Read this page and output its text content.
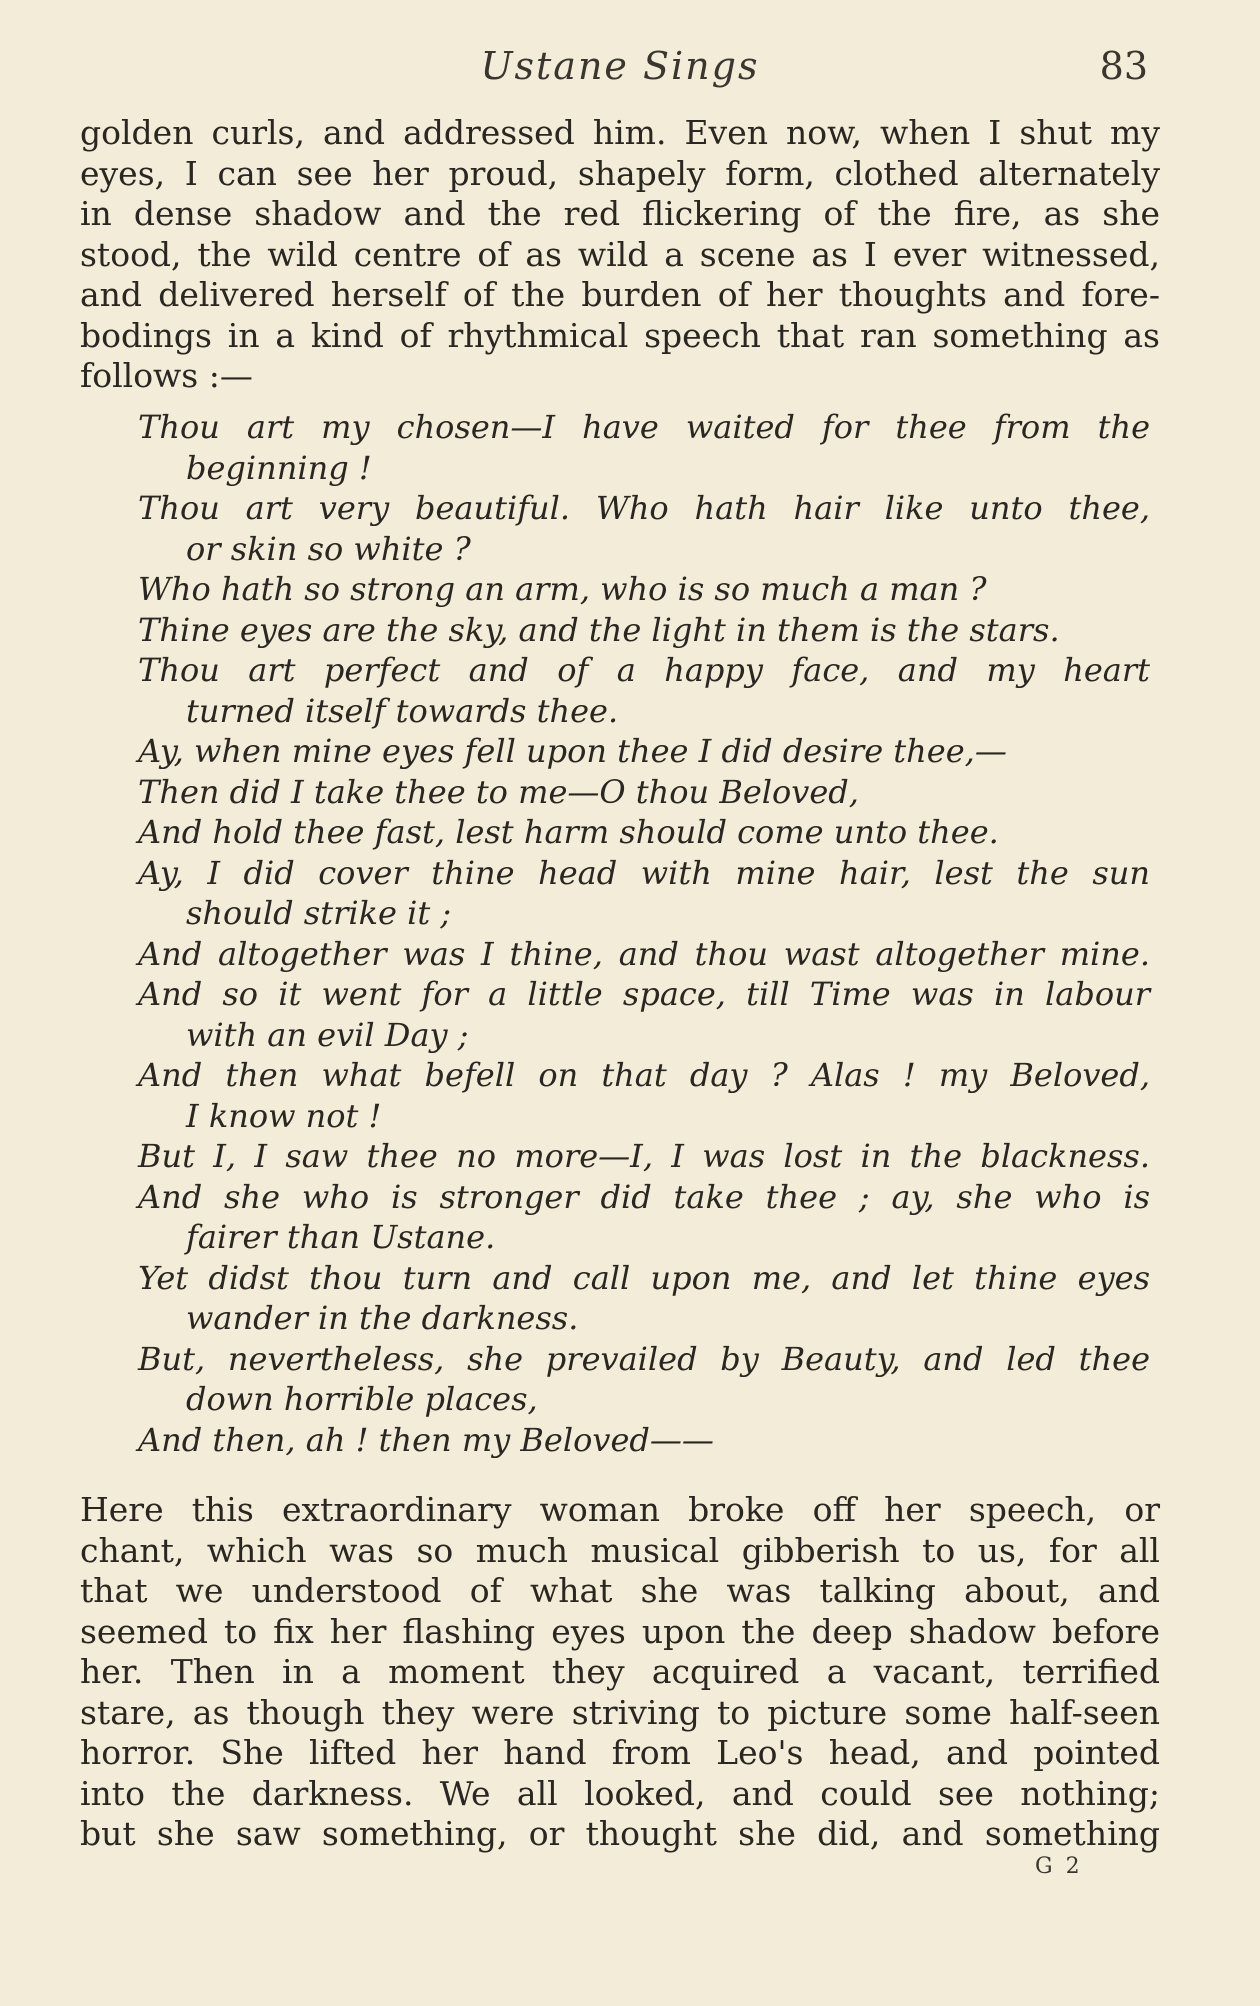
Ustane Sings	83
golden curls, and addressed him. Even now, when I shut my
eyes, I can see her proud, shapely form, clothed alternately
in dense shadow and the red flickering of the fire, as she
stood, the wild centre of as wild a scene as I ever witnessed,
and delivered herself of the burden of her thoughts and fore-
bodings in a kind of rhythmical speech that ran something as
follows :—
Thou art my chosen—I have waited for thee from the
beginning !
Thou art very beautiful. Who hath hair like unto thee,
or skin so white ?
Who hath so strong an arm, who is so much a man ?
Thine eyes are the sky, and the light in them is the stars.
Thou art perfect and of a happy face, and my heart
turned itself towards thee.
Ay, when mine eyes fell upon thee I did desire thee,—
Then did I take thee to me—O thou Beloved,
And hold thee fast, lest harm should come unto thee.
Ay, I did cover thine head with mine hair, lest the sun
should strike it ;
And altogether was I thine, and thou wast altogether mine.
And so it went for a little space, till Time was in labour
with an evil Day ;
And then what befell on that day ? Alas ! my Beloved,
I know not !
But I, I saw thee no more—I, I was lost in the blackness.
And she who is stronger did take thee ; ay, she who is
fairer than Ustane.
Yet didst thou turn and call upon me, and let thine eyes
wander in the darkness.
But, nevertheless, she prevailed by Beauty, and led thee
down horrible places,
And then, ah ! then my Beloved——
Here this extraordinary woman broke off her speech, or
chant, which was so much musical gibberish to us, for all
that we understood of what she was talking about, and
seemed to fix her flashing eyes upon the deep shadow before
her. Then in a moment they acquired a vacant, terrified
stare, as though they were striving to picture some half-seen
horror. She lifted her hand from Leo's head, and pointed
into the darkness. We all looked, and could see nothing;
but she saw something, or thought she did, and something
G 2
